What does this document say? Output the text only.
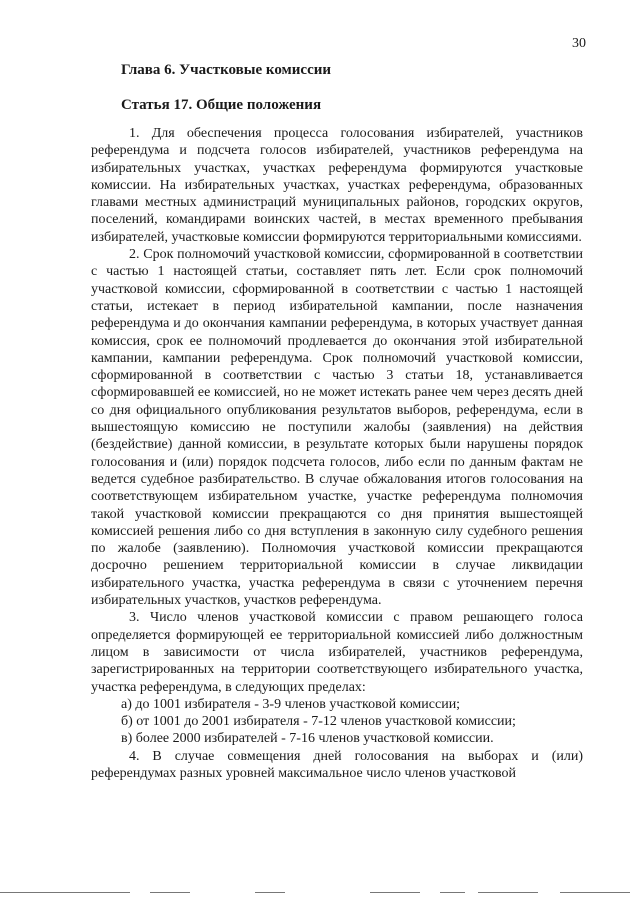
30
Глава 6. Участковые комиссии
Статья 17. Общие положения

1. Для обеспечения процесса голосования избирателей, участников референдума и подсчета голосов избирателей, участников референдума на избирательных участках, участках референдума формируются участковые комиссии. На избирательных участках, участках референдума, образованных главами местных администраций муниципальных районов, городских округов, поселений, командирами воинских частей, в местах временного пребывания избирателей, участковые комиссии формируются территориальными комиссиями.

2. Срок полномочий участковой комиссии, сформированной в соответствии с частью 1 настоящей статьи, составляет пять лет. Если срок полномочий участковой комиссии, сформированной в соответствии с частью 1 настоящей статьи, истекает в период избирательной кампании, после назначения референдума и до окончания кампании референдума, в которых участвует данная комиссия, срок ее полномочий продлевается до окончания этой избирательной кампании, кампании референдума. Срок полномочий участковой комиссии, сформированной в соответствии с частью 3 статьи 18, устанавливается сформировавшей ее комиссией, но не может истекать ранее чем через десять дней со дня официального опубликования результатов выборов, референдума, если в вышестоящую комиссию не поступили жалобы (заявления) на действия (бездействие) данной комиссии, в результате которых были нарушены порядок голосования и (или) порядок подсчета голосов, либо если по данным фактам не ведется судебное разбирательство. В случае обжалования итогов голосования на соответствующем избирательном участке, участке референдума полномочия такой участковой комиссии прекращаются со дня принятия вышестоящей комиссией решения либо со дня вступления в законную силу судебного решения по жалобе (заявлению). Полномочия участковой комиссии прекращаются досрочно решением территориальной комиссии в случае ликвидации избирательного участка, участка референдума в связи с уточнением перечня избирательных участков, участков референдума.

3. Число членов участковой комиссии с правом решающего голоса определяется формирующей ее территориальной комиссией либо должностным лицом в зависимости от числа избирателей, участников референдума, зарегистрированных на территории соответствующего избирательного участка, участка референдума, в следующих пределах:

а) до 1001 избирателя - 3-9 членов участковой комиссии;
б) от 1001 до 2001 избирателя - 7-12 членов участковой комиссии;
в) более 2000 избирателей - 7-16 членов участковой комиссии.

4. В случае совмещения дней голосования на выборах и (или) референдумах разных уровней максимальное число членов участковой
